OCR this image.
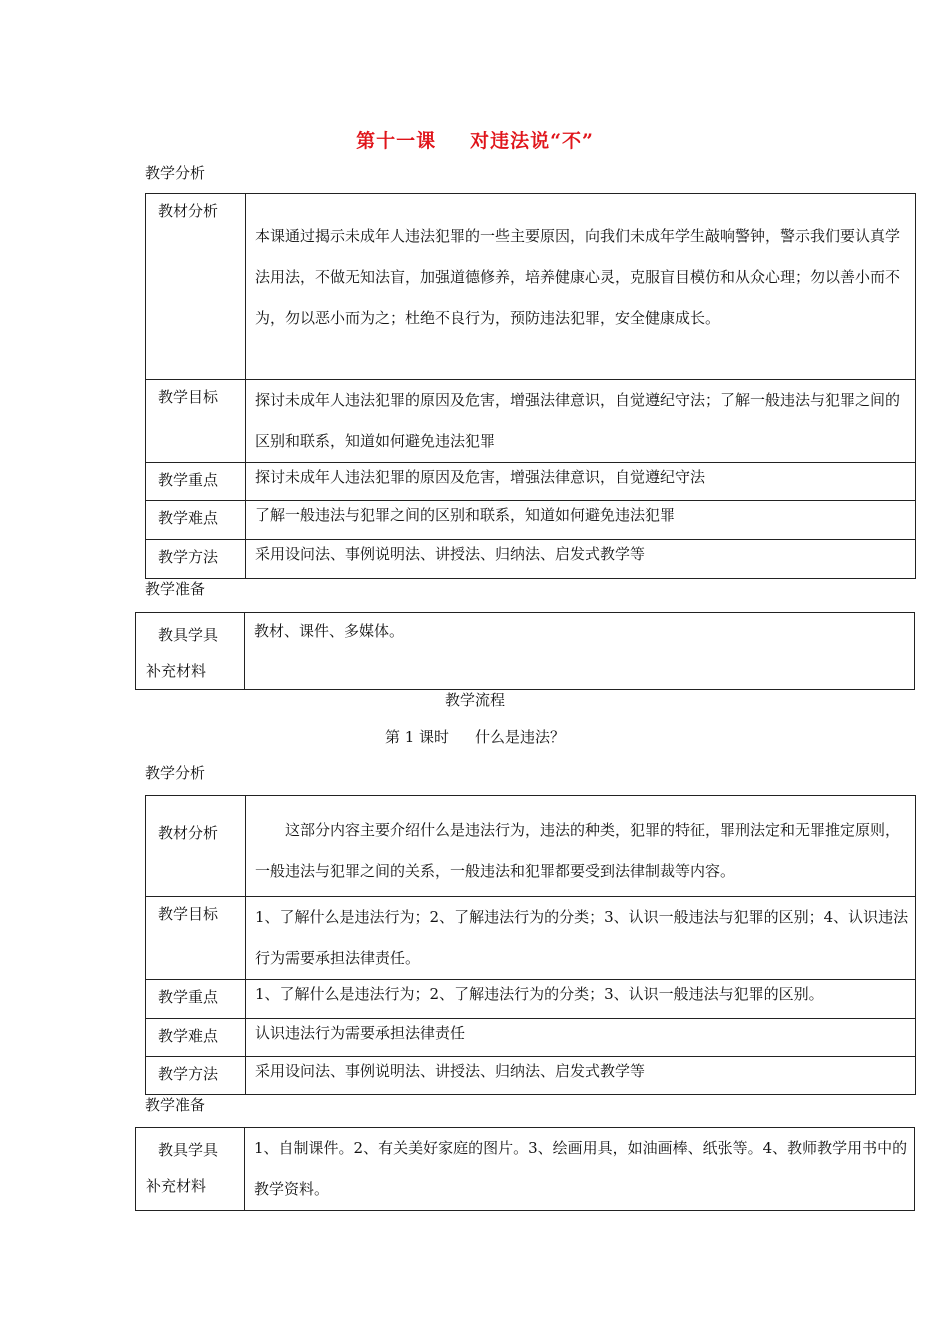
第十一课 对违法说“不”
教学分析
教材分析	本课通过揭示未成年人违法犯罪的一些主要原因，向我们未成年学生敲响警钟，警示我们要认真学法用法，不做无知法盲，加强道德修养，培养健康心灵，克服盲目模仿和从众心理；勿以善小而不为，勿以恶小而为之；杜绝不良行为，预防违法犯罪，安全健康成长。
教学目标	探讨未成年人违法犯罪的原因及危害，增强法律意识，自觉遵纪守法；了解一般违法与犯罪之间的区别和联系，知道如何避免违法犯罪
教学重点	探讨未成年人违法犯罪的原因及危害，增强法律意识，自觉遵纪守法
教学难点	了解一般违法与犯罪之间的区别和联系，知道如何避免违法犯罪
教学方法	采用设问法、事例说明法、讲授法、归纳法、启发式教学等
教学准备
教具学具
补充材料
	教材、课件、多媒体。
教学流程
第 1 课时 什么是违法？
教学分析
教材分析	这部分内容主要介绍什么是违法行为，违法的种类，犯罪的特征，罪刑法定和无罪推定原则，一般违法与犯罪之间的关系，一般违法和犯罪都要受到法律制裁等内容。
教学目标	1、了解什么是违法行为；2、了解违法行为的分类；3、认识一般违法与犯罪的区别；4、认识违法行为需要承担法律责任。
教学重点	1、了解什么是违法行为；2、了解违法行为的分类；3、认识一般违法与犯罪的区别。
教学难点	认识违法行为需要承担法律责任
教学方法	采用设问法、事例说明法、讲授法、归纳法、启发式教学等
教学准备
教具学具
补充材料
	1、自制课件。2、有关美好家庭的图片。3、绘画用具，如油画棒、纸张等。4、教师教学用书中的教学资料。
